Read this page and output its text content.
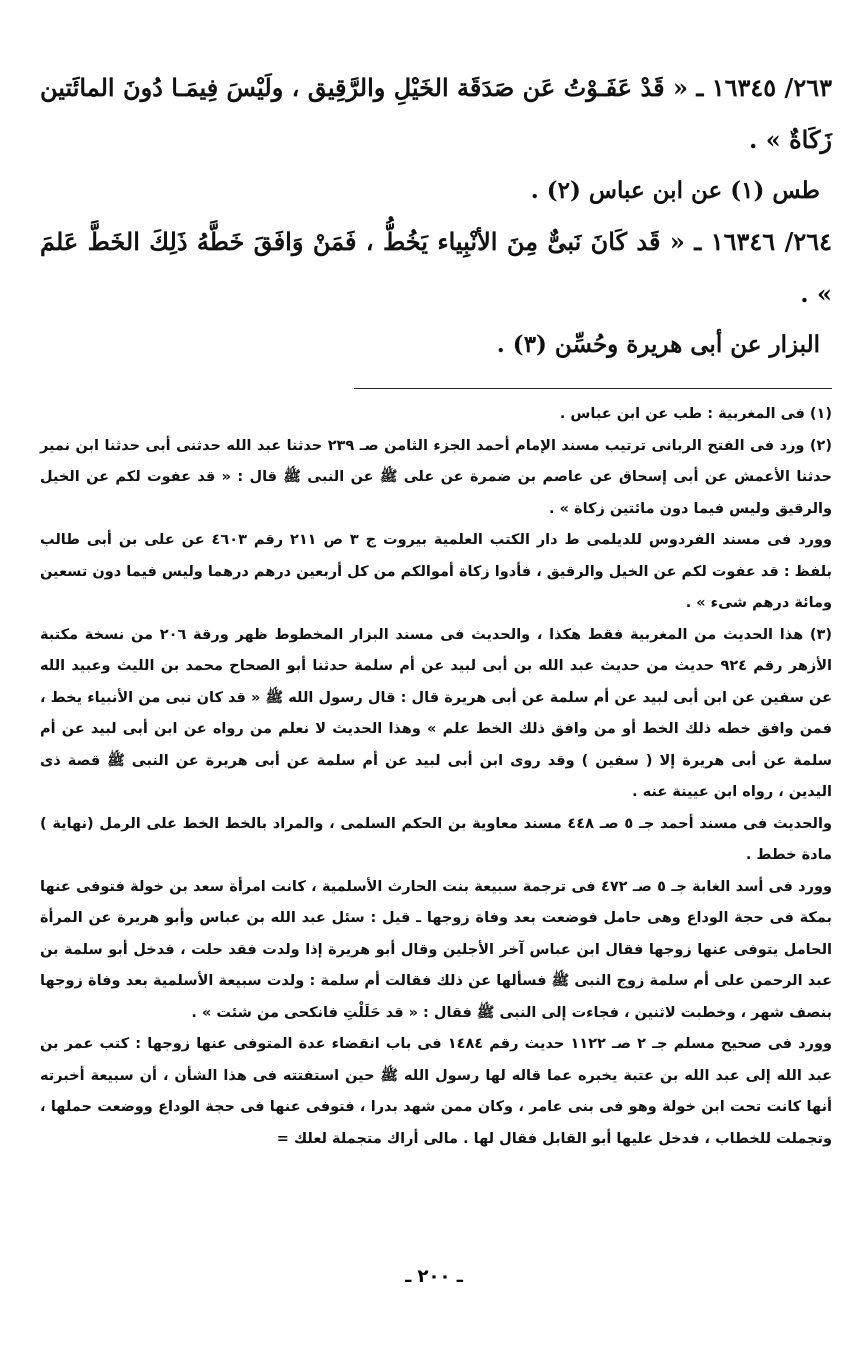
٢٦٣/ ١٦٣٤٥ ـ « قَدْ عَفَـوْتُ عَن صَدَقَة الخَيْلِ والرَّقِيق ، ولَيْسَ فِيمَـا دُونَ المائَتين زَكَاةٌ » .

طس (١) عن ابن عباس (٢) .

٢٦٤/ ١٦٣٤٦ ـ « قَد كَانَ نَبىٌّ مِنَ الأنْبِياء يَخُطُّ ، فَمَنْ وَافَقَ خَطَّهُ ذَلِكَ الخَطَّ عَلمَ » .

البزار عن أبى هريرة وحُسِّن (٣) .

(١) فى المغربية : طب عن ابن عباس .

(٢) ورد فى الفتح الربانى ترتيب مسند الإمام أحمد الجزء الثامن صـ ٢٣٩ حدثنا عبد الله حدثنى أبى حدثنا ابن نمير حدثنا الأعمش عن أبى إسحاق عن عاصم بن ضمرة عن على ﷺ عن النبى ﷺ قال : « قد عفوت لكم عن الخيل والرقيق وليس فيما دون مائتين زكاة » .

وورد فى مسند الفردوس للديلمى ط دار الكتب العلمية بيروت ج ٣ ص ٢١١ رقم ٤٦٠٣ عن على بن أبى طالب بلفظ : قد عفوت لكم عن الخيل والرقيق ، فأدوا زكاة أموالكم من كل أربعين درهم درهما وليس فيما دون تسعين ومائة درهم شىء » .

(٣) هذا الحديث من المغربية فقط هكذا ، والحديث فى مسند البزار المخطوط ظهر ورقة ٢٠٦ من نسخة مكتبة الأزهر رقم ٩٢٤ حديث من حديث عبد الله بن أبى لبيد عن أم سلمة حدثنا أبو الصحاح محمد بن الليث وعبيد الله عن سفين عن ابن أبى لبيد عن أم سلمة عن أبى هريرة قال : قال رسول الله ﷺ « قد كان نبى من الأنبياء يخط ، فمن وافق خطه ذلك الخط أو من وافق ذلك الخط علم » وهذا الحديث لا نعلم من رواه عن ابن أبى لبيد عن أم سلمة عن أبى هريرة إلا ( سفين ) وقد روى ابن أبى لبيد عن أم سلمة عن أبى هريرة عن النبى ﷺ قصة ذى اليدين ، رواه ابن عيينة عنه .

والحديث فى مسند أحمد جـ ٥ صـ ٤٤٨ مسند معاوية بن الحكم السلمى ، والمراد بالخط الخط على الرمل (نهاية ) مادة خطط .

وورد فى أسد الغابة جـ ٥ صـ ٤٧٢ فى ترجمة سبيعة بنت الحارث الأسلمية ، كانت امرأة سعد بن خولة فتوفى عنها بمكة فى حجة الوداع وهى حامل فوضعت بعد وفاة زوجها ـ قيل : سئل عبد الله بن عباس وأبو هريرة عن المرأة الحامل يتوفى عنها زوجها فقال ابن عباس آخر الأجلين وقال أبو هريرة إذا ولدت فقد حلت ، فدخل أبو سلمة بن عبد الرحمن على أم سلمة زوج النبى ﷺ فسألها عن ذلك فقالت أم سلمة : ولدت سبيعة الأسلمية بعد وفاة زوجها بنصف شهر ، وخطبت لاثنين ، فجاءت إلى النبى ﷺ فقال : « قد حَلَلْتِ فانكحى من شئت » .

وورد فى صحيح مسلم جـ ٢ صـ ١١٢٢ حديث رقم ١٤٨٤ فى باب انقضاء عدة المتوفى عنها زوجها : كتب عمر بن عبد الله إلى عبد الله بن عتبة يخبره عما قاله لها رسول الله ﷺ حين استفتته فى هذا الشأن ، أن سبيعة أخبرته أنها كانت تحت ابن خولة وهو فى بنى عامر ، وكان ممن شهد بدرا ، فتوفى عنها فى حجة الوداع ووضعت حملها ، وتجملت للخطاب ، فدخل عليها أبو القابل فقال لها . مالى أراك متجملة لعلك =

ـ ٢٠٠ ـ
